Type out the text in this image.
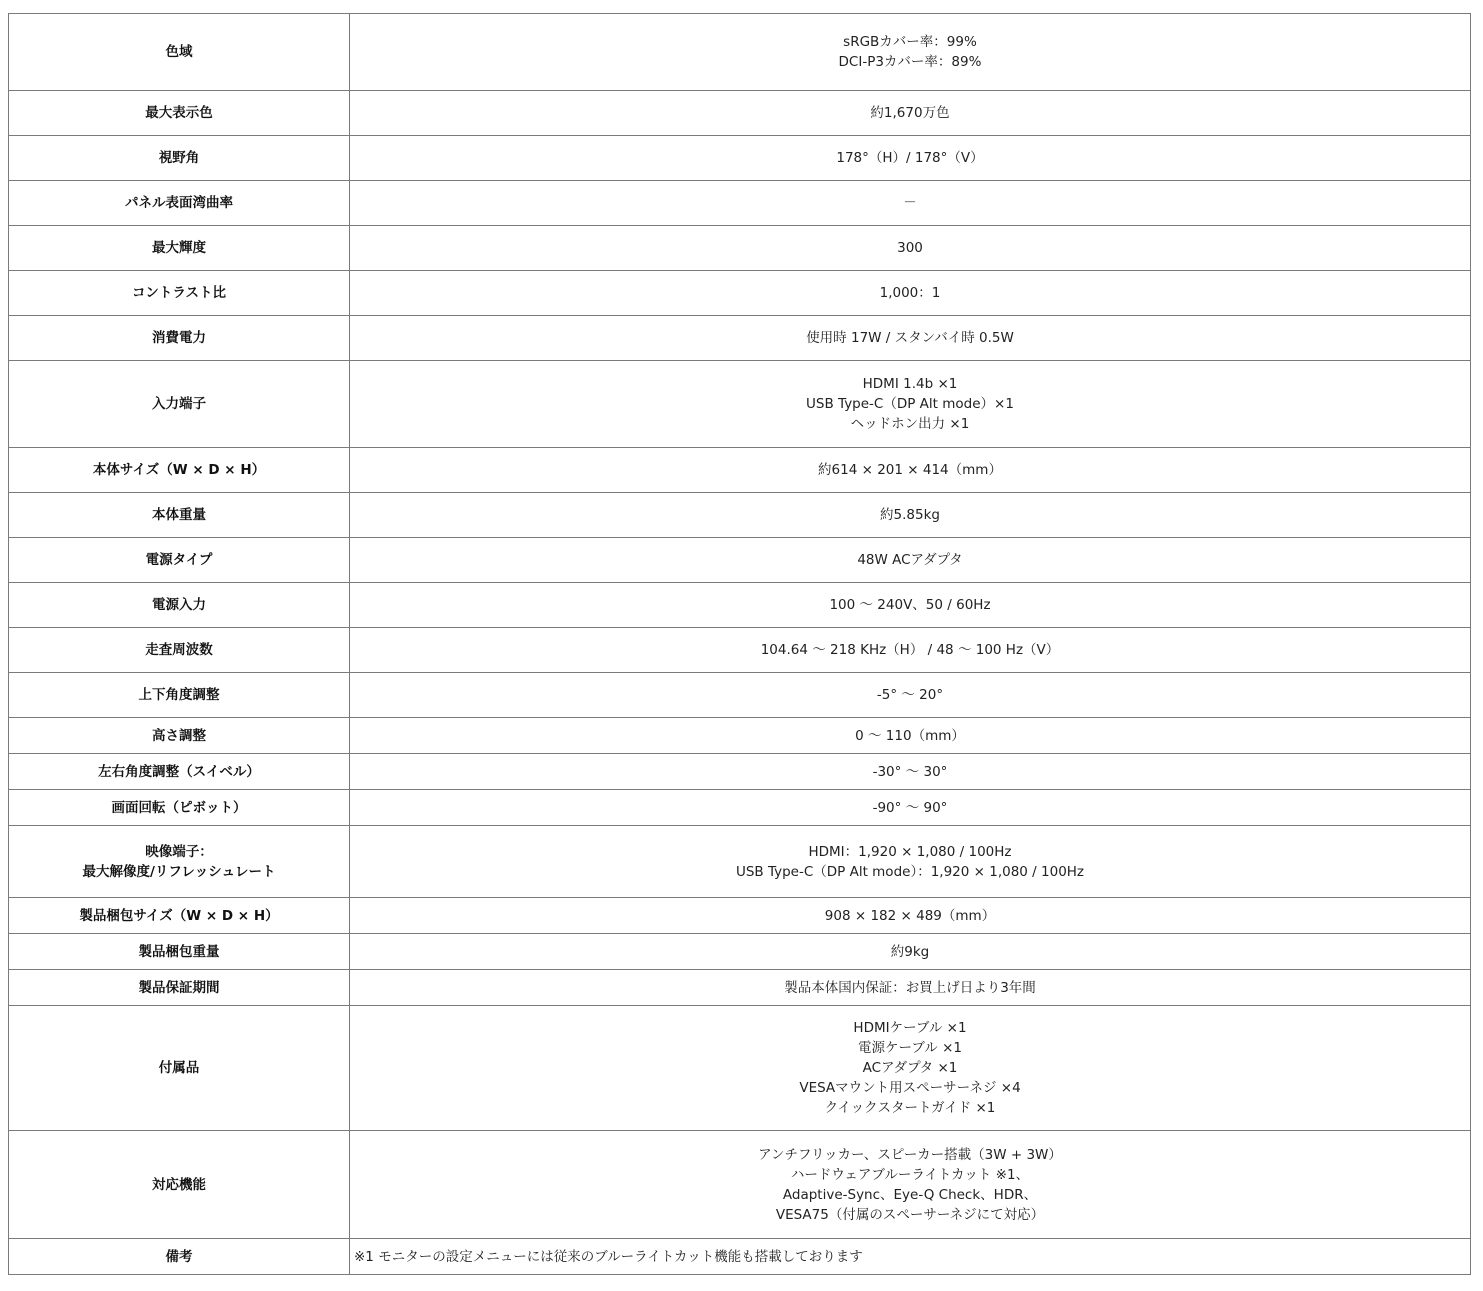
色域	sRGBカバー率：99%
DCI-P3カバー率：89%

最大表示色	約1,670万色

視野角	178°（H）/ 178°（V）

パネル表面湾曲率	－

最大輝度	300

コントラスト比	1,000：1

消費電力	使用時 17W / スタンバイ時 0.5W

入力端子	HDMI 1.4b ×1
USB Type-C（DP Alt mode）×1
ヘッドホン出力 ×1

本体サイズ（W × D × H）	約614 × 201 × 414（mm）

本体重量	約5.85kg

電源タイプ	48W ACアダプタ

電源入力	100 ～ 240V、50 / 60Hz

走査周波数	104.64 ～ 218 KHz（H） / 48 ～ 100 Hz（V）

上下角度調整	-5° ～ 20°

高さ調整	0 ～ 110（mm）

左右角度調整（スイベル）	-30° ～ 30°

画面回転（ピボット）	-90° ～ 90°

映像端子：
最大解像度/リフレッシュレート	HDMI：1,920 × 1,080 / 100Hz
USB Type-C（DP Alt mode）：1,920 × 1,080 / 100Hz

製品梱包サイズ（W × D × H）	908 × 182 × 489（mm）

製品梱包重量	約9kg

製品保証期間	製品本体国内保証：お買上げ日より3年間

付属品	HDMIケーブル ×1
電源ケーブル ×1
ACアダプタ ×1
VESAマウント用スペーサーネジ ×4
クイックスタートガイド ×1

対応機能	アンチフリッカー、スピーカー搭載（3W + 3W）
ハードウェアブルーライトカット ※1、
Adaptive-Sync、Eye-Q Check、HDR、
VESA75（付属のスペーサーネジにて対応）

備考	※1 モニターの設定メニューには従来のブルーライトカット機能も搭載しております
